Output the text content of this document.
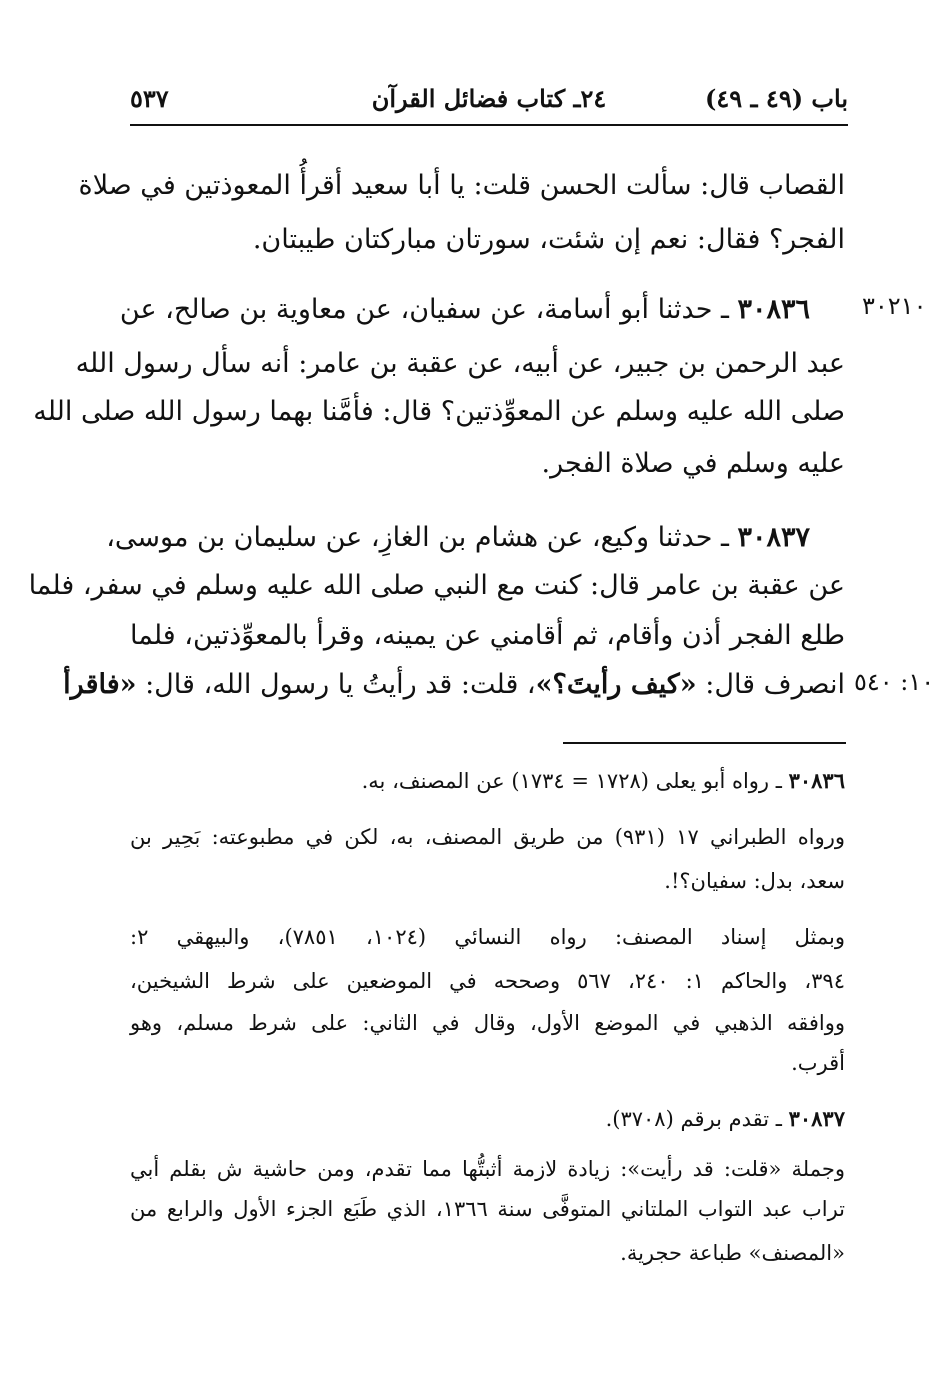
باب (٤٩ ـ ٤٩)
٢٤ـ كتاب فضائل القرآن
٥٣٧
القصاب قال: سألت الحسن قلت: يا أبا سعيد أقرأُ المعوذتين في صلاة
الفجر؟ فقال: نعم إن شئت، سورتان مباركتان طيبتان.
٣٠٢١٠
٣٠٨٣٦ ـ حدثنا أبو أسامة، عن سفيان، عن معاوية بن صالح، عن
عبد الرحمن بن جبير، عن أبيه، عن عقبة بن عامر: أنه سأل رسول الله
صلى الله عليه وسلم عن المعوِّذتين؟ قال: فأمَّنا بهما رسول الله صلى الله
عليه وسلم في صلاة الفجر.
٣٠٨٣٧ ـ حدثنا وكيع، عن هشام بن الغازِ، عن سليمان بن موسى،
عن عقبة بن عامر قال: كنت مع النبي صلى الله عليه وسلم في سفر، فلما
طلع الفجر أذن وأقام، ثم أقامني عن يمينه، وقرأ بالمعوِّذتين، فلما
انصرف قال: «كيف رأيتَ؟»، قلت: قد رأيتُ يا رسول الله، قال: «فاقرأ	١٠: ٥٤٠
٣٠٨٣٦ ـ رواه أبو يعلى (١٧٢٨ = ١٧٣٤) عن المصنف، به.
ورواه الطبراني ١٧ (٩٣١) من طريق المصنف، به، لكن في مطبوعته: بَحِير بن
سعد، بدل: سفيان؟!.
وبمثل إسناد المصنف: رواه النسائي (١٠٢٤، ٧٨٥١)، والبيهقي ٢:
٣٩٤، والحاكم ١: ٢٤٠، ٥٦٧ وصححه في الموضعين على شرط الشيخين،
ووافقه الذهبي في الموضع الأول، وقال في الثاني: على شرط مسلم، وهو
أقرب.
٣٠٨٣٧ ـ تقدم برقم (٣٧٠٨).
وجملة «قلت: قد رأيت»: زيادة لازمة أثبتُّها مما تقدم، ومن حاشية ش بقلم أبي
تراب عبد التواب الملتاني المتوفَّى سنة ١٣٦٦، الذي طَبَع الجزء الأول والرابع من
«المصنف» طباعة حجرية.
